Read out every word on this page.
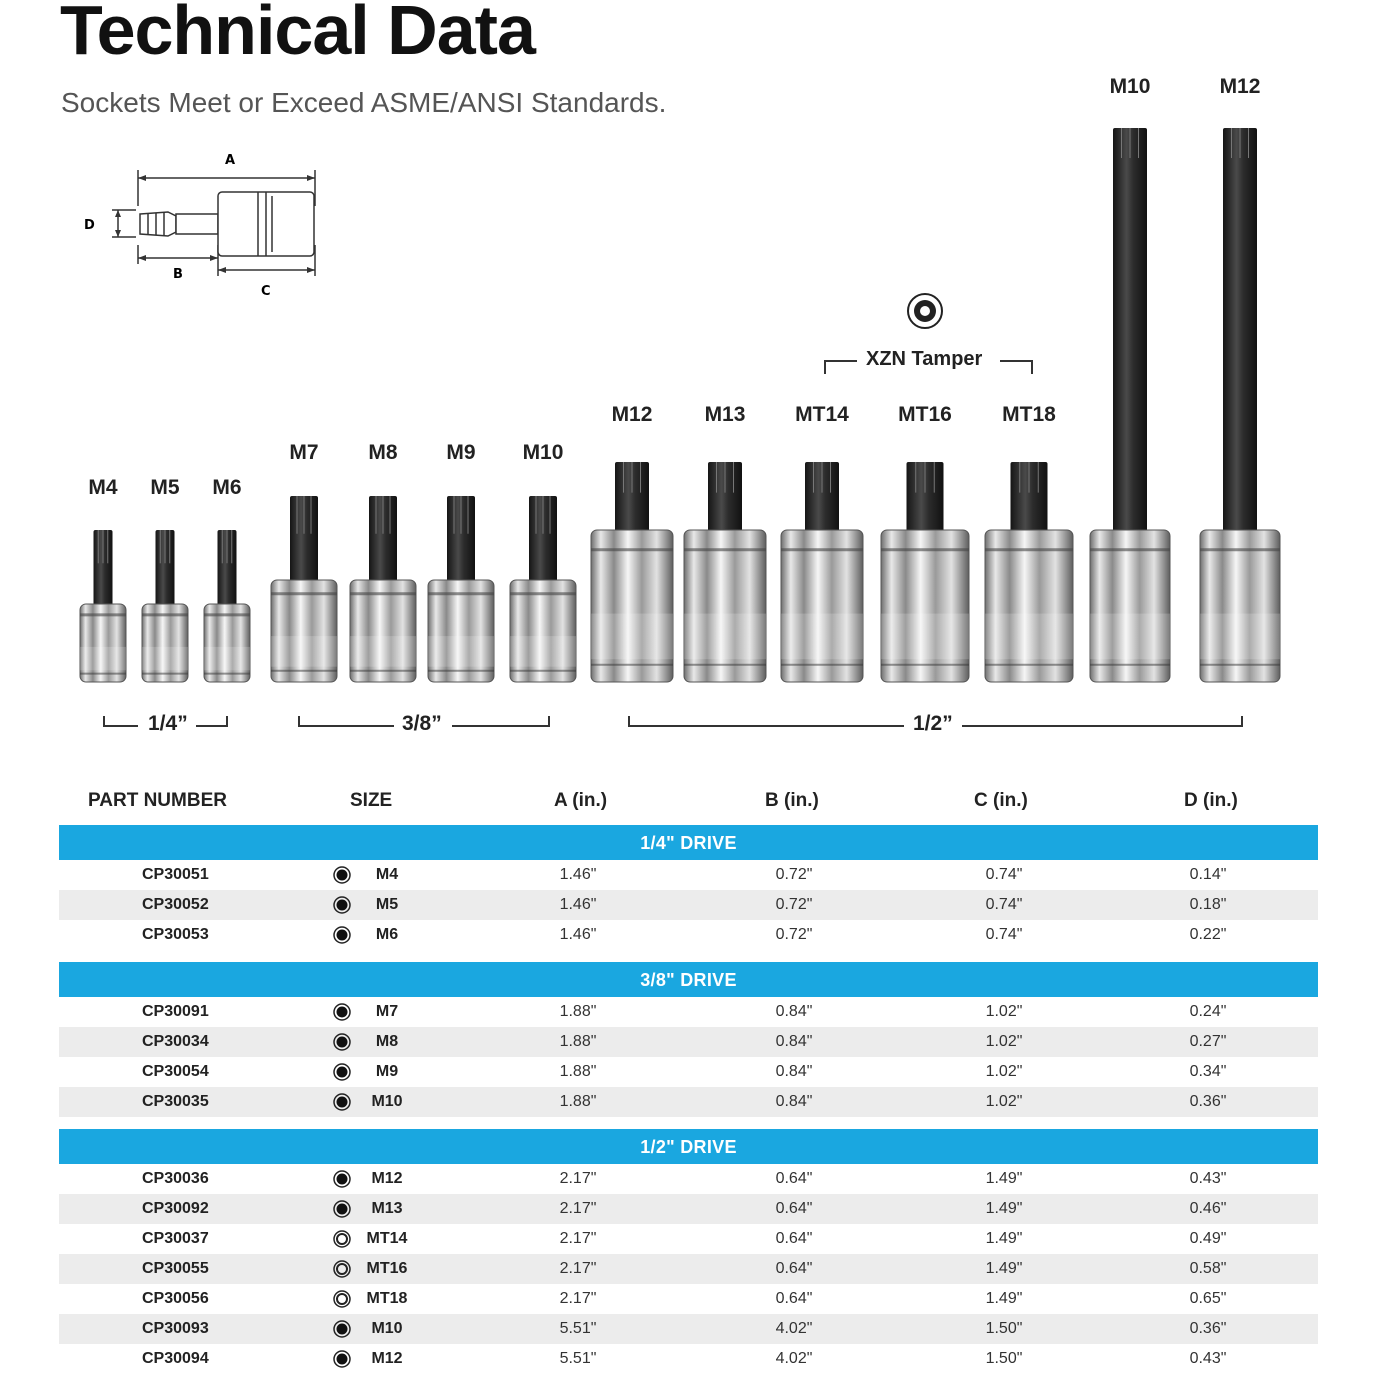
Technical Data
Sockets Meet or Exceed ASME/ANSI Standards.
A
D
B
C
XZN Tamper
M4	M5	M6
M7	M8	M9	M10
M12	M13	MT14	MT16	MT18
M10	M12
1/4”	3/8”	1/2”
PART NUMBER	SIZE	A (in.)	B (in.)	C (in.)	D (in.)
1/4" DRIVE
CP30051	M4	1.46"	0.72"	0.74"	0.14"
CP30052	M5	1.46"	0.72"	0.74"	0.18"
CP30053	M6	1.46"	0.72"	0.74"	0.22"
3/8" DRIVE
CP30091	M7	1.88"	0.84"	1.02"	0.24"
CP30034	M8	1.88"	0.84"	1.02"	0.27"
CP30054	M9	1.88"	0.84"	1.02"	0.34"
CP30035	M10	1.88"	0.84"	1.02"	0.36"
1/2" DRIVE
CP30036	M12	2.17"	0.64"	1.49"	0.43"
CP30092	M13	2.17"	0.64"	1.49"	0.46"
CP30037	MT14	2.17"	0.64"	1.49"	0.49"
CP30055	MT16	2.17"	0.64"	1.49"	0.58"
CP30056	MT18	2.17"	0.64"	1.49"	0.65"
CP30093	M10	5.51"	4.02"	1.50"	0.36"
CP30094	M12	5.51"	4.02"	1.50"	0.43"
